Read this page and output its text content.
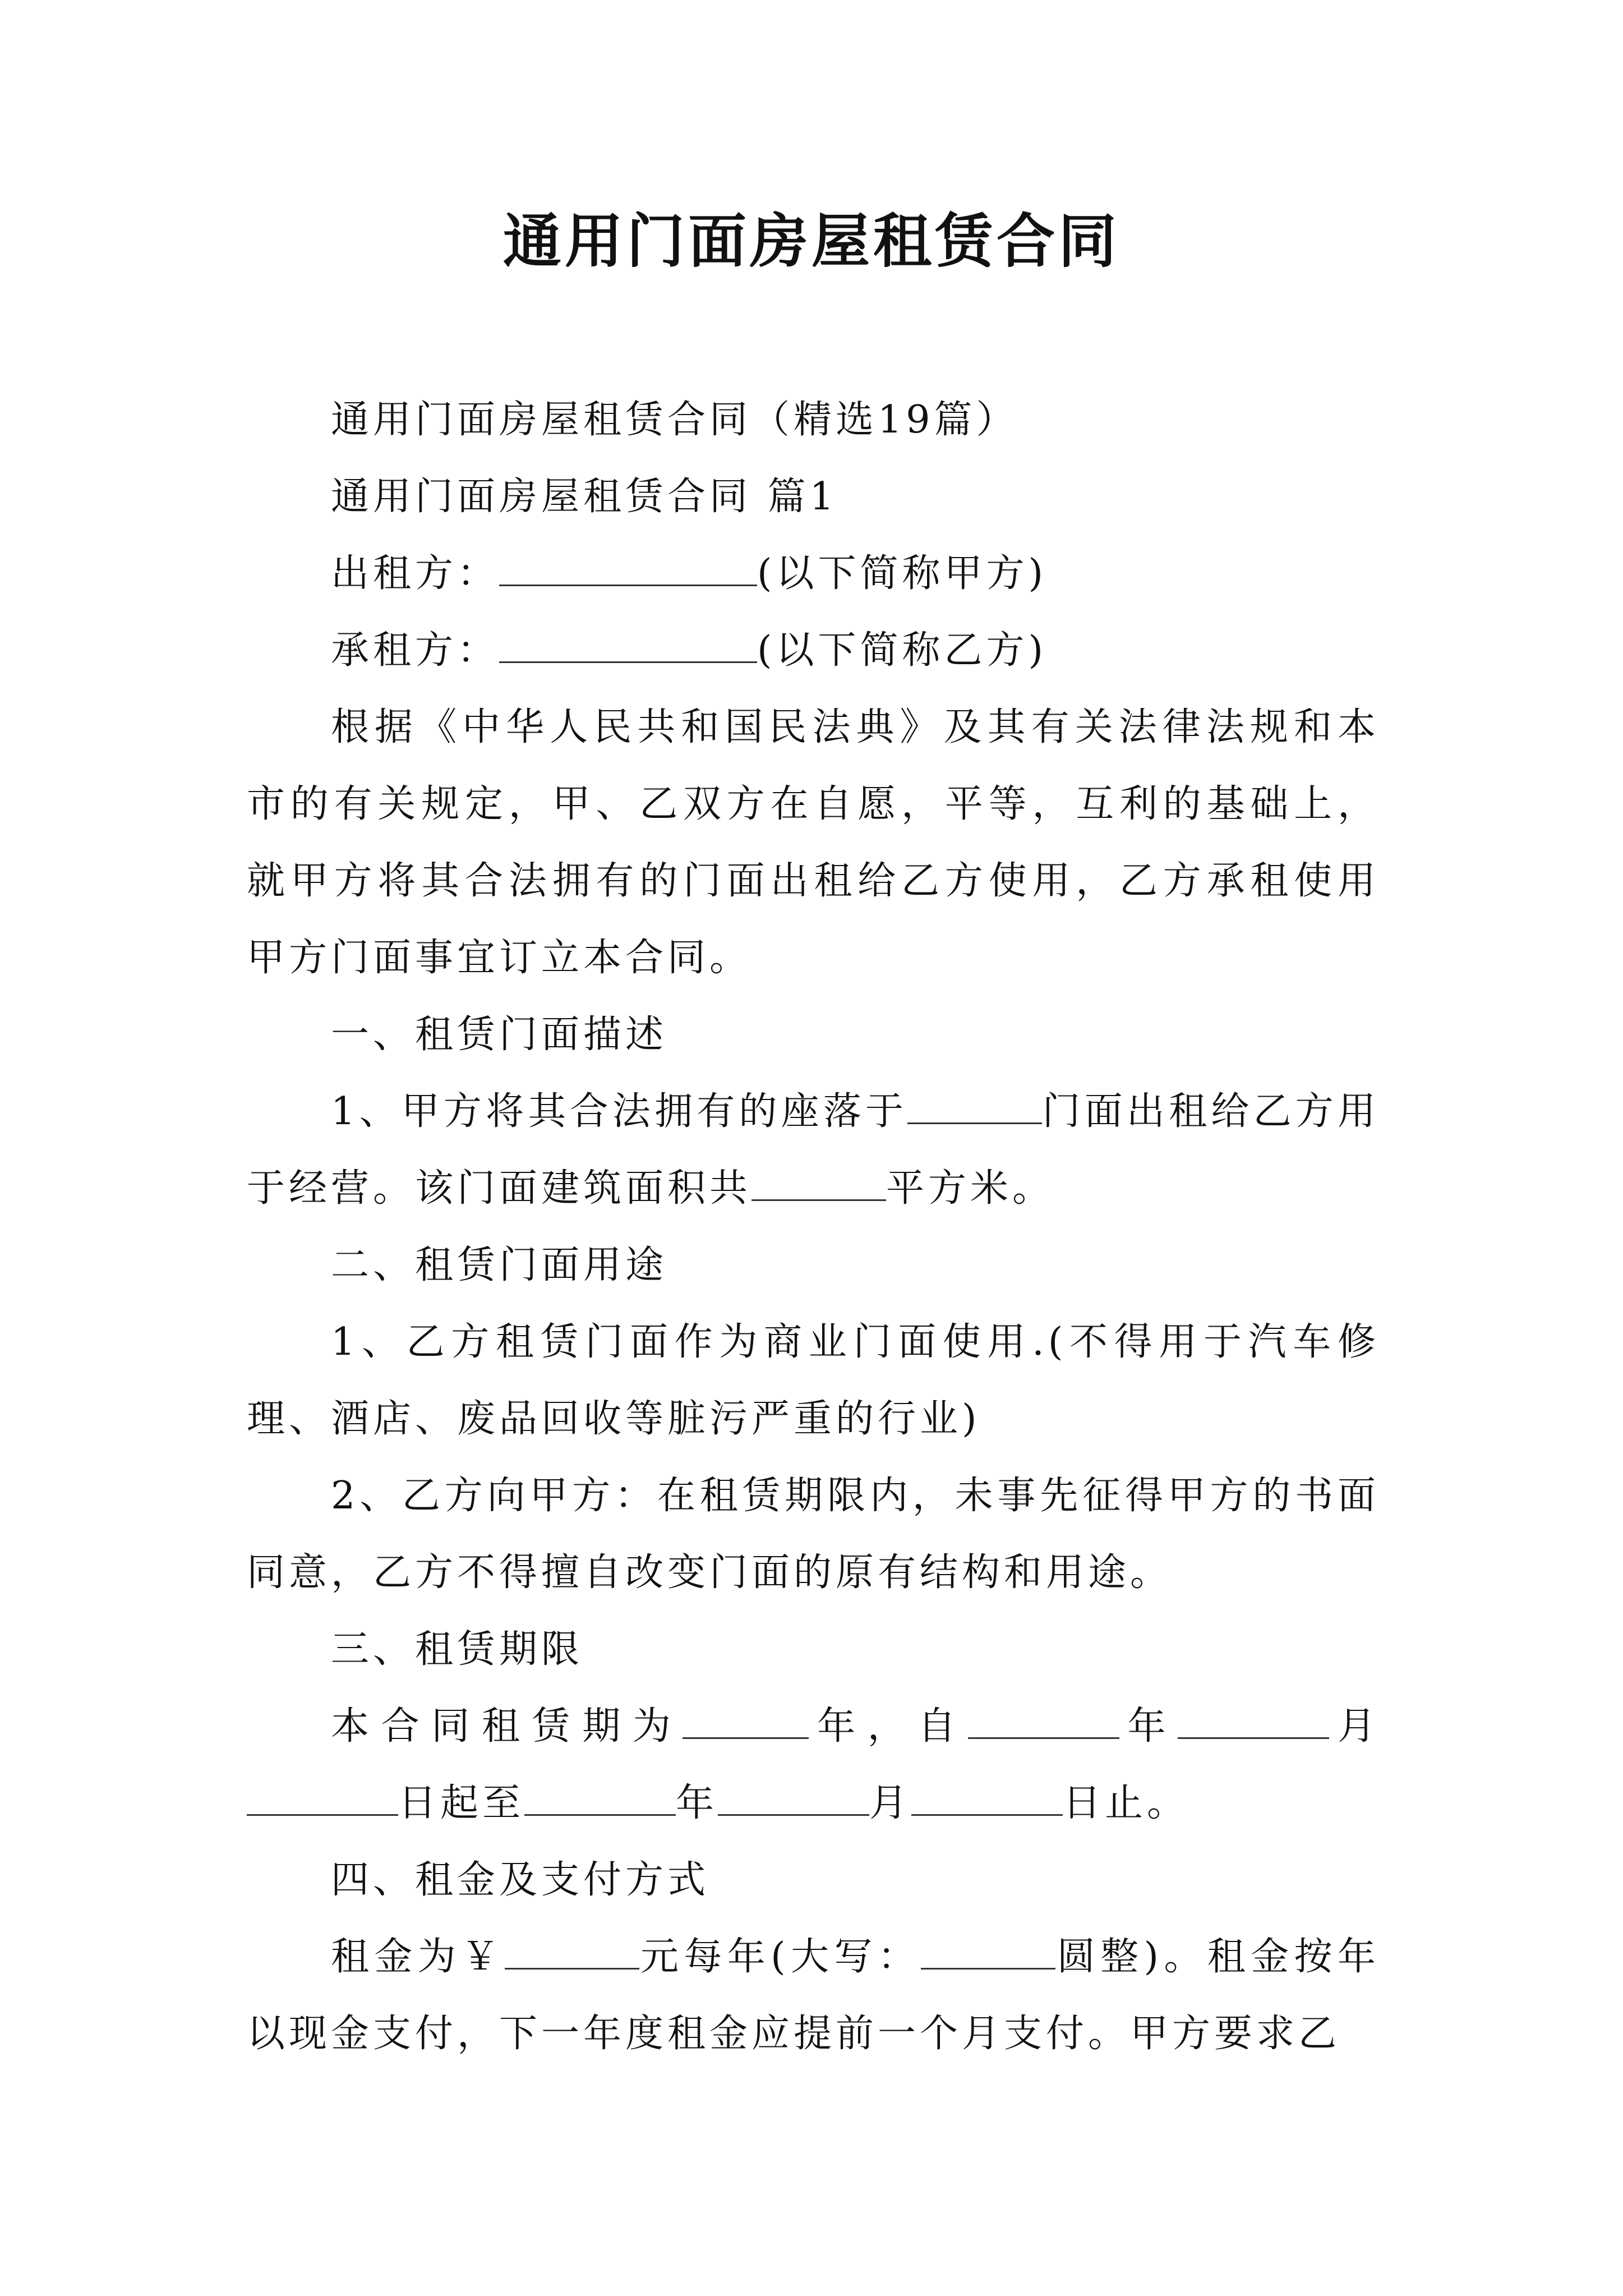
通用门面房屋租赁合同

通用门面房屋租赁合同（精选19篇）

通用门面房屋租赁合同 篇1

出租方：	(以下简称甲方)

承租方：	(以下简称乙方)

根据《中华人民共和国民法典》及其有关法律法规和本市的有关规定，甲、乙双方在自愿，平等，互利的基础上，就甲方将其合法拥有的门面出租给乙方使用，乙方承租使用甲方门面事宜订立本合同。

一、租赁门面描述

1、甲方将其合法拥有的座落于	门面出租给乙方用于经营。该门面建筑面积共	平方米。

二、租赁门面用途

1、乙方租赁门面作为商业门面使用.(不得用于汽车修理、酒店、废品回收等脏污严重的行业)

2、乙方向甲方：在租赁期限内，未事先征得甲方的书面同意，乙方不得擅自改变门面的原有结构和用途。

三、租赁期限

本合同租赁期为	年，自	年	月日起至	年	月	日止。

四、租金及支付方式

租金为￥	元每年(大写：	圆整)。租金按年以现金支付，下一年度租金应提前一个月支付。甲方要求乙
